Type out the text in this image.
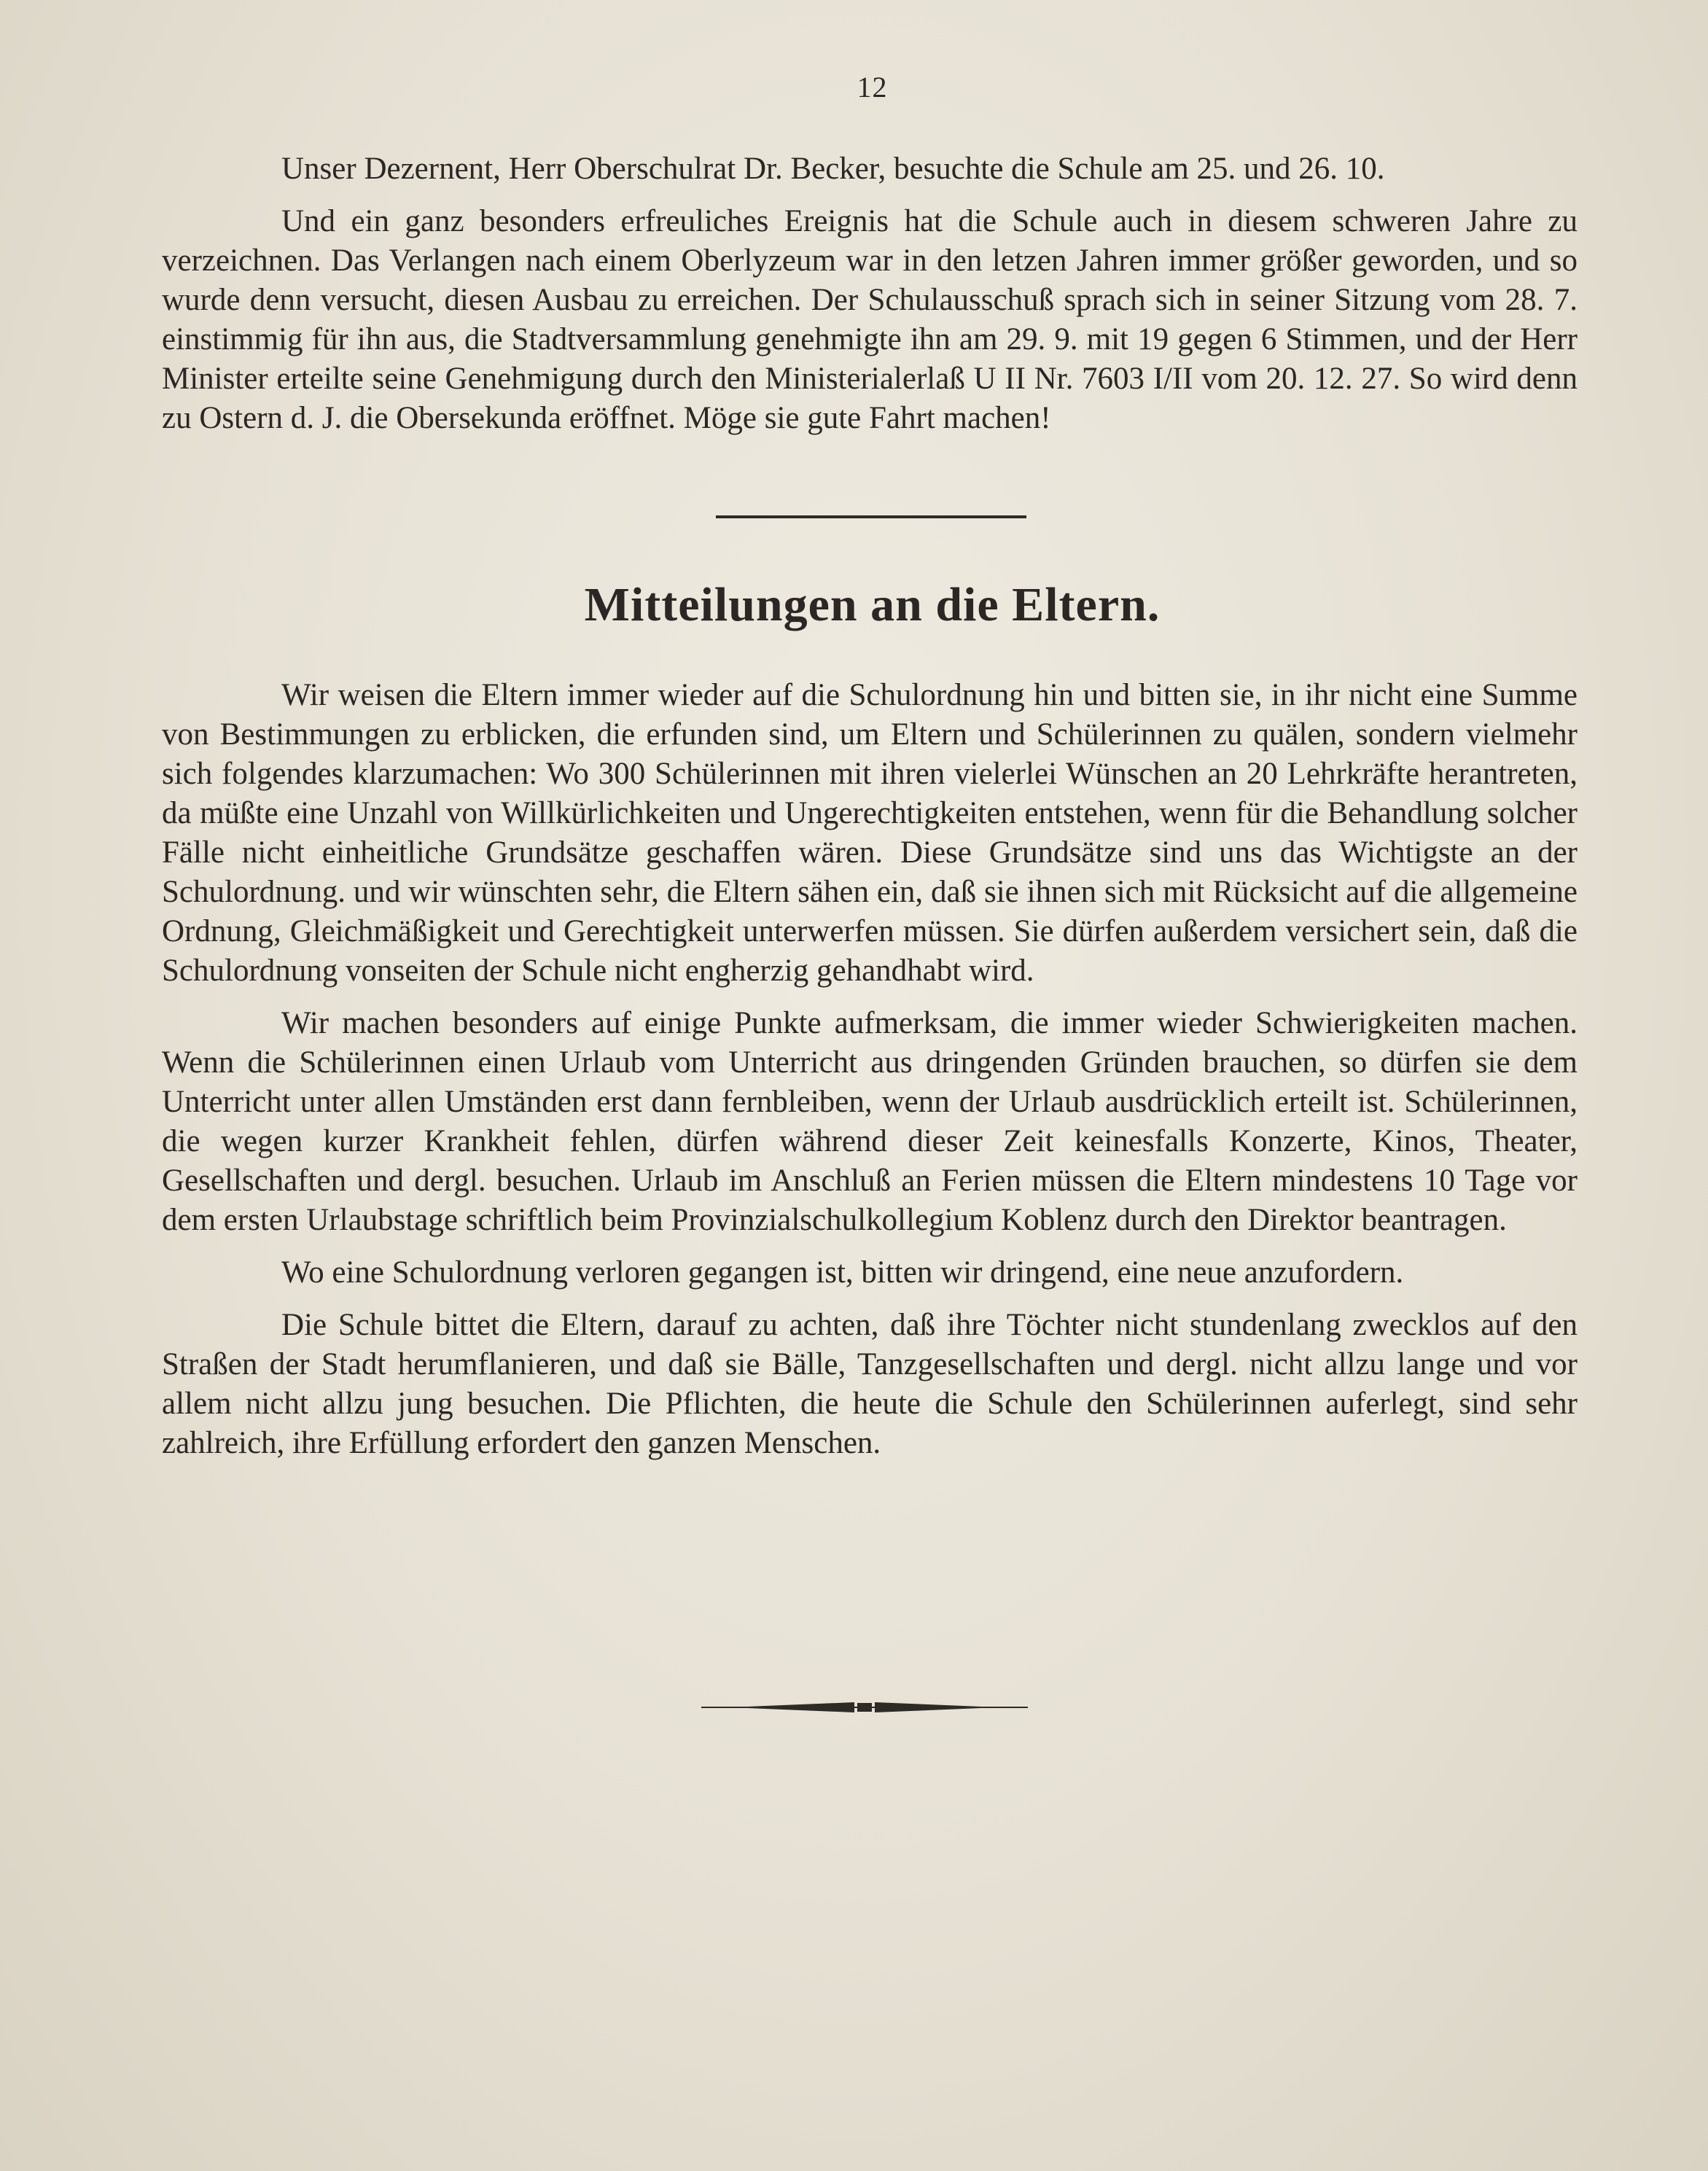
12

Unser Dezernent, Herr Oberschulrat Dr. Becker, besuchte die Schule am 25. und 26. 10.

Und ein ganz besonders erfreuliches Ereignis hat die Schule auch in diesem schweren Jahre zu verzeichnen. Das Verlangen nach einem Oberlyzeum war in den letzen Jahren immer größer geworden, und so wurde denn versucht, diesen Ausbau zu erreichen. Der Schulausschuß sprach sich in seiner Sitzung vom 28. 7. einstimmig für ihn aus, die Stadtversammlung genehmigte ihn am 29. 9. mit 19 gegen 6 Stimmen, und der Herr Minister erteilte seine Genehmigung durch den Ministerialerlaß U II Nr. 7603 I/II vom 20. 12. 27. So wird denn zu Ostern d. J. die Obersekunda eröffnet. Möge sie gute Fahrt machen!

Mitteilungen an die Eltern.

Wir weisen die Eltern immer wieder auf die Schulordnung hin und bitten sie, in ihr nicht eine Summe von Bestimmungen zu erblicken, die erfunden sind, um Eltern und Schülerinnen zu quälen, sondern vielmehr sich folgendes klarzumachen: Wo 300 Schülerinnen mit ihren vielerlei Wünschen an 20 Lehrkräfte herantreten, da müßte eine Unzahl von Willkürlichkeiten und Ungerechtigkeiten entstehen, wenn für die Behandlung solcher Fälle nicht einheitliche Grundsätze geschaffen wären. Diese Grundsätze sind uns das Wichtigste an der Schulordnung. und wir wünschten sehr, die Eltern sähen ein, daß sie ihnen sich mit Rücksicht auf die allgemeine Ordnung, Gleichmäßigkeit und Gerechtigkeit unterwerfen müssen. Sie dürfen außerdem versichert sein, daß die Schulordnung vonseiten der Schule nicht engherzig gehandhabt wird.

Wir machen besonders auf einige Punkte aufmerksam, die immer wieder Schwierigkeiten machen. Wenn die Schülerinnen einen Urlaub vom Unterricht aus dringenden Gründen brauchen, so dürfen sie dem Unterricht unter allen Umständen erst dann fernbleiben, wenn der Urlaub ausdrücklich erteilt ist. Schülerinnen, die wegen kurzer Krankheit fehlen, dürfen während dieser Zeit keinesfalls Konzerte, Kinos, Theater, Gesellschaften und dergl. besuchen. Urlaub im Anschluß an Ferien müssen die Eltern mindestens 10 Tage vor dem ersten Urlaubstage schriftlich beim Provinzialschulkollegium Koblenz durch den Direktor beantragen.

Wo eine Schulordnung verloren gegangen ist, bitten wir dringend, eine neue anzufordern.

Die Schule bittet die Eltern, darauf zu achten, daß ihre Töchter nicht stundenlang zwecklos auf den Straßen der Stadt herumflanieren, und daß sie Bälle, Tanzgesellschaften und dergl. nicht allzu lange und vor allem nicht allzu jung besuchen. Die Pflichten, die heute die Schule den Schülerinnen auferlegt, sind sehr zahlreich, ihre Erfüllung erfordert den ganzen Menschen.
